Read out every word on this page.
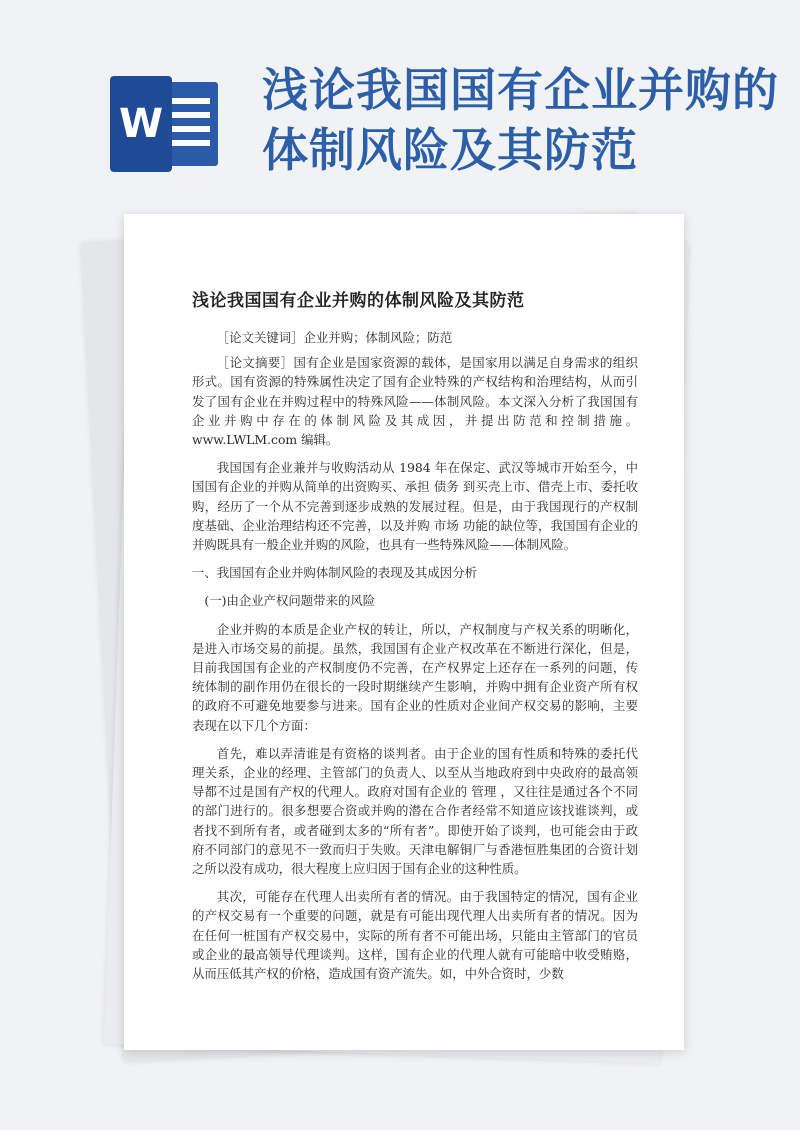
W
浅论我国国有企业并购的体制风险及其防范
浅论我国国有企业并购的体制风险及其防范

［论文关键词］企业并购；体制风险；防范

［论文摘要］国有企业是国家资源的载体，是国家用以满足自身需求的组织形式。国有资源的特殊属性决定了国有企业特殊的产权结构和治理结构，从而引发了国有企业在并购过程中的特殊风险——体制风险。本文深入分析了我国国有企业并购中存在的体制风险及其成因，并提出防范和控制措施。www.LWLM.com 编辑。

我国国有企业兼并与收购活动从 1984 年在保定、武汉等城市开始至今，中国国有企业的并购从简单的出资购买、承担 债务 到买壳上市、借壳上市、委托收购，经历了一个从不完善到逐步成熟的发展过程。但是，由于我国现行的产权制度基础、企业治理结构还不完善，以及并购 市场 功能的缺位等，我国国有企业的并购既具有一般企业并购的风险，也具有一些特殊风险——体制风险。

一、我国国有企业并购体制风险的表现及其成因分析

(一)由企业产权问题带来的风险

企业并购的本质是企业产权的转让，所以，产权制度与产权关系的明晰化，是进入市场交易的前提。虽然，我国国有企业产权改革在不断进行深化，但是，目前我国国有企业的产权制度仍不完善，在产权界定上还存在一系列的问题，传统体制的副作用仍在很长的一段时期继续产生影响，并购中拥有企业资产所有权的政府不可避免地要参与进来。国有企业的性质对企业间产权交易的影响，主要表现在以下几个方面：

首先，难以弄清谁是有资格的谈判者。由于企业的国有性质和特殊的委托代理关系，企业的经理、主管部门的负责人、以至从当地政府到中央政府的最高领导都不过是国有产权的代理人。政府对国有企业的 管理 ，又往往是通过各个不同的部门进行的。很多想要合资或并购的潜在合作者经常不知道应该找谁谈判，或者找不到所有者，或者碰到太多的“所有者”。即使开始了谈判，也可能会由于政府不同部门的意见不一致而归于失败。天津电解铜厂与香港恒胜集团的合资计划之所以没有成功，很大程度上应归因于国有企业的这种性质。

其次，可能存在代理人出卖所有者的情况。由于我国特定的情况，国有企业的产权交易有一个重要的问题，就是有可能出现代理人出卖所有者的情况。因为在任何一桩国有产权交易中，实际的所有者不可能出场，只能由主管部门的官员或企业的最高领导代理谈判。这样，国有企业的代理人就有可能暗中收受贿赂，从而压低其产权的价格，造成国有资产流失。如，中外合资时，少数
